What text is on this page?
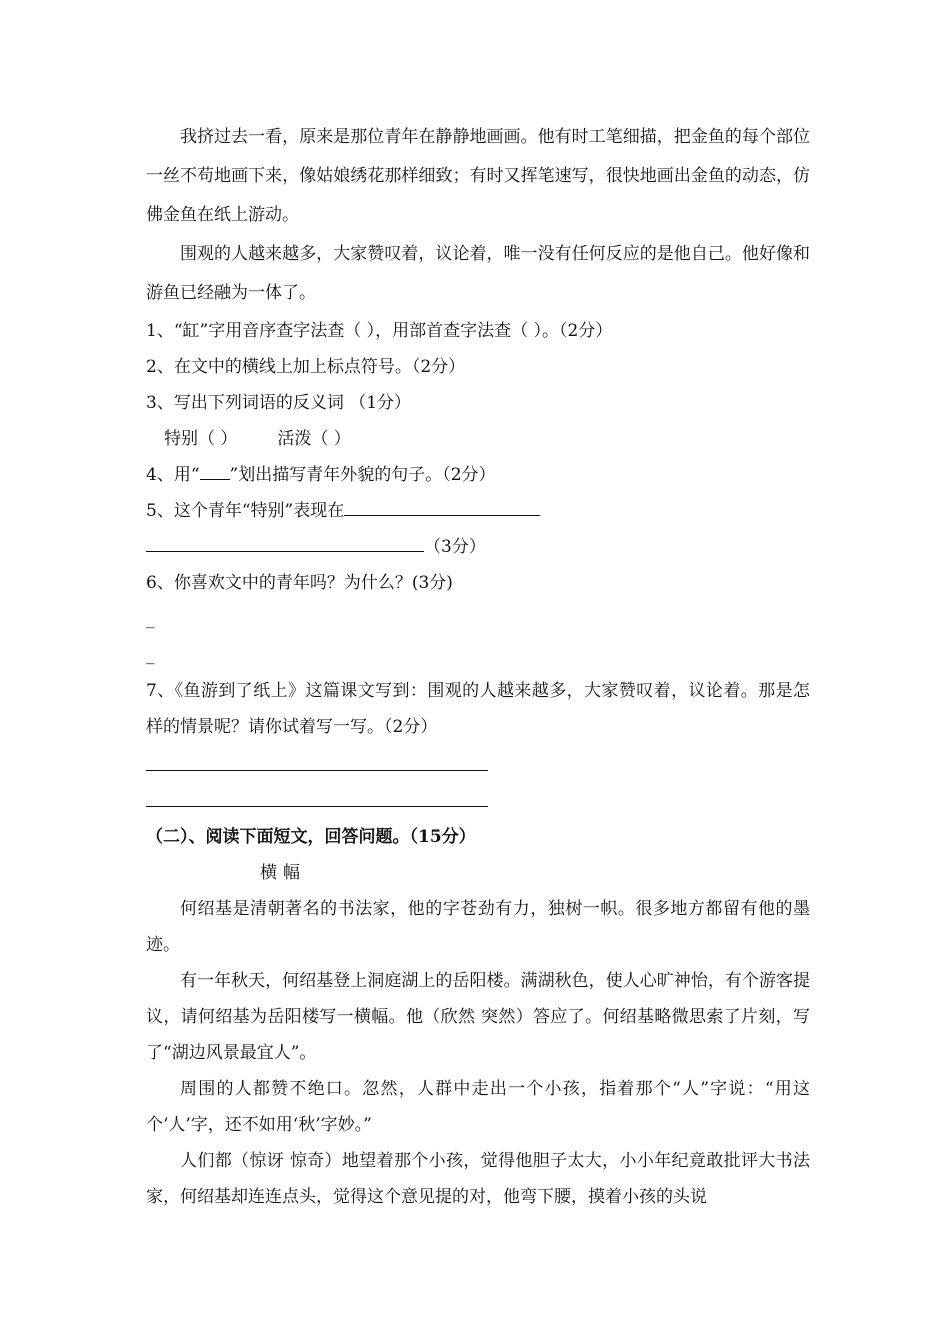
我挤过去一看，原来是那位青年在静静地画画。他有时工笔细描，把金鱼的每个部位一丝不苟地画下来，像姑娘绣花那样细致；有时又挥笔速写，很快地画出金鱼的动态，仿佛金鱼在纸上游动。

围观的人越来越多，大家赞叹着，议论着，唯一没有任何反应的是他自己。他好像和游鱼已经融为一体了。

1、“缸”字用音序查字法查（ ），用部首查字法查（ ）。（2分）

2、在文中的横线上加上标点符号。（2分）

3、写出下列词语的反义词 （1分）

特别（ ） 活泼（ ）

4、用“ ”划出描写青年外貌的句子。（2分）

5、这个青年“特别”表现在

（3分）

6、你喜欢文中的青年吗？为什么？(3分)

_

_

7、《鱼游到了纸上》这篇课文写到：围观的人越来越多，大家赞叹着，议论着。那是怎样的情景呢？请你试着写一写。（2分）

（二）、阅读下面短文，回答问题。（15分）

横幅

何绍基是清朝著名的书法家，他的字苍劲有力，独树一帜。很多地方都留有他的墨迹。

有一年秋天，何绍基登上洞庭湖上的岳阳楼。满湖秋色，使人心旷神怡，有个游客提议，请何绍基为岳阳楼写一横幅。他（欣然 突然）答应了。何绍基略微思索了片刻，写了“湖边风景最宜人”。

周围的人都赞不绝口。忽然，人群中走出一个小孩，指着那个“人”字说：“用这个‘人’字，还不如用‘秋’字妙。”

人们都（惊讶 惊奇）地望着那个小孩，觉得他胆子太大，小小年纪竟敢批评大书法家，何绍基却连连点头，觉得这个意见提的对，他弯下腰，摸着小孩的头说
